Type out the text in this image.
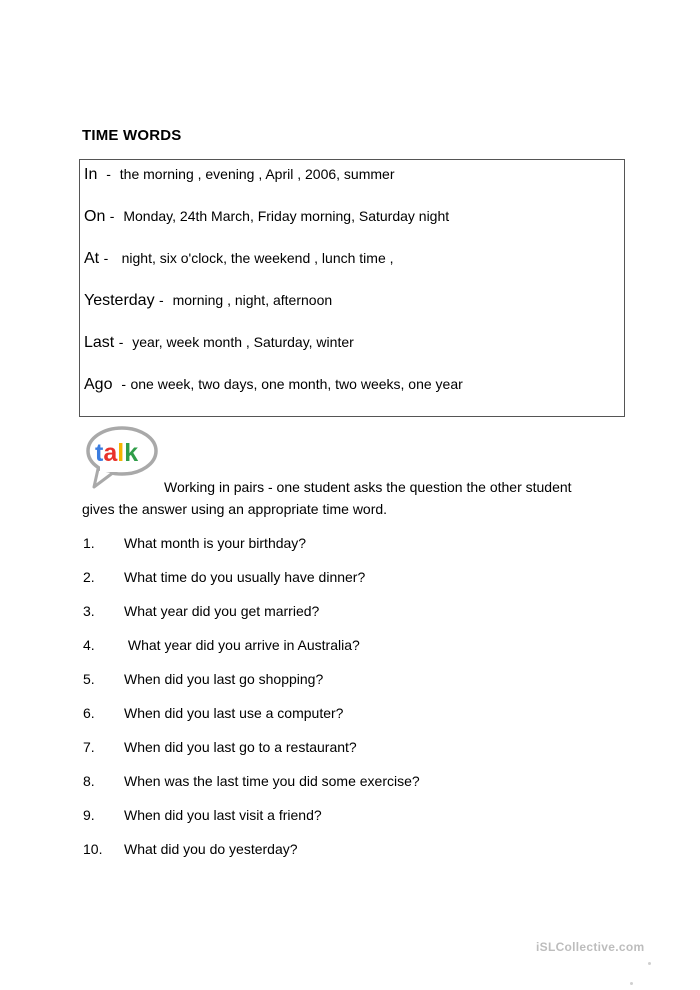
TIME WORDS
In - the morning , evening , April , 2006, summer
On - Monday, 24th March, Friday morning, Saturday night
At - night, six o'clock, the weekend , lunch time ,
Yesterday - morning , night, afternoon
Last - year, week month , Saturday, winter
Ago - one week, two days, one month, two weeks, one year
talk
Working in pairs - one student asks the question the other student
gives the answer using an appropriate time word.
1. What month is your birthday?
2. What time do you usually have dinner?
3. What year did you get married?
4. What year did you arrive in Australia?
5. When did you last go shopping?
6. When did you last use a computer?
7. When did you last go to a restaurant?
8. When was the last time you did some exercise?
9. When did you last visit a friend?
10. What did you do yesterday?
iSLCollective.com
